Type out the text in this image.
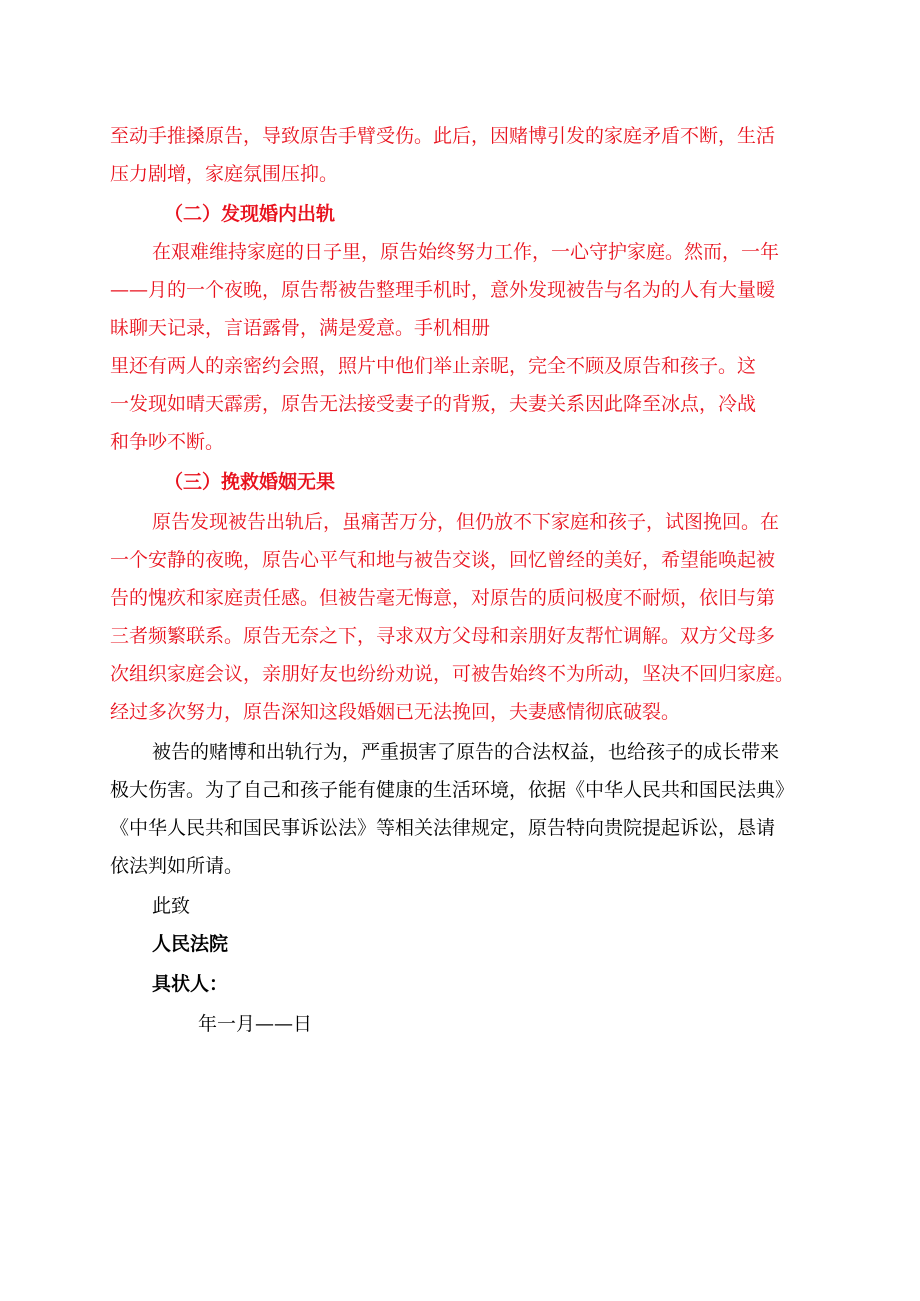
至动手推搡原告，导致原告手臂受伤。此后，因赌博引发的家庭矛盾不断，生活
压力剧增，家庭氛围压抑。
（二）发现婚内出轨
在艰难维持家庭的日子里，原告始终努力工作，一心守护家庭。然而，一年
——月的一个夜晚，原告帮被告整理手机时，意外发现被告与名为的人有大量暧
昧聊天记录，言语露骨，满是爱意。手机相册
里还有两人的亲密约会照，照片中他们举止亲昵，完全不顾及原告和孩子。这
一发现如晴天霹雳，原告无法接受妻子的背叛，夫妻关系因此降至冰点，冷战
和争吵不断。
（三）挽救婚姻无果
原告发现被告出轨后，虽痛苦万分，但仍放不下家庭和孩子，试图挽回。在
一个安静的夜晚，原告心平气和地与被告交谈，回忆曾经的美好，希望能唤起被
告的愧疚和家庭责任感。但被告毫无悔意，对原告的质问极度不耐烦，依旧与第
三者频繁联系。原告无奈之下，寻求双方父母和亲朋好友帮忙调解。双方父母多
次组织家庭会议，亲朋好友也纷纷劝说，可被告始终不为所动，坚决不回归家庭。
经过多次努力，原告深知这段婚姻已无法挽回，夫妻感情彻底破裂。
被告的赌博和出轨行为，严重损害了原告的合法权益，也给孩子的成长带来
极大伤害。为了自己和孩子能有健康的生活环境，依据《中华人民共和国民法典》
《中华人民共和国民事诉讼法》等相关法律规定，原告特向贵院提起诉讼，恳请
依法判如所请。
此致
人民法院
具状人：
年一月——日
